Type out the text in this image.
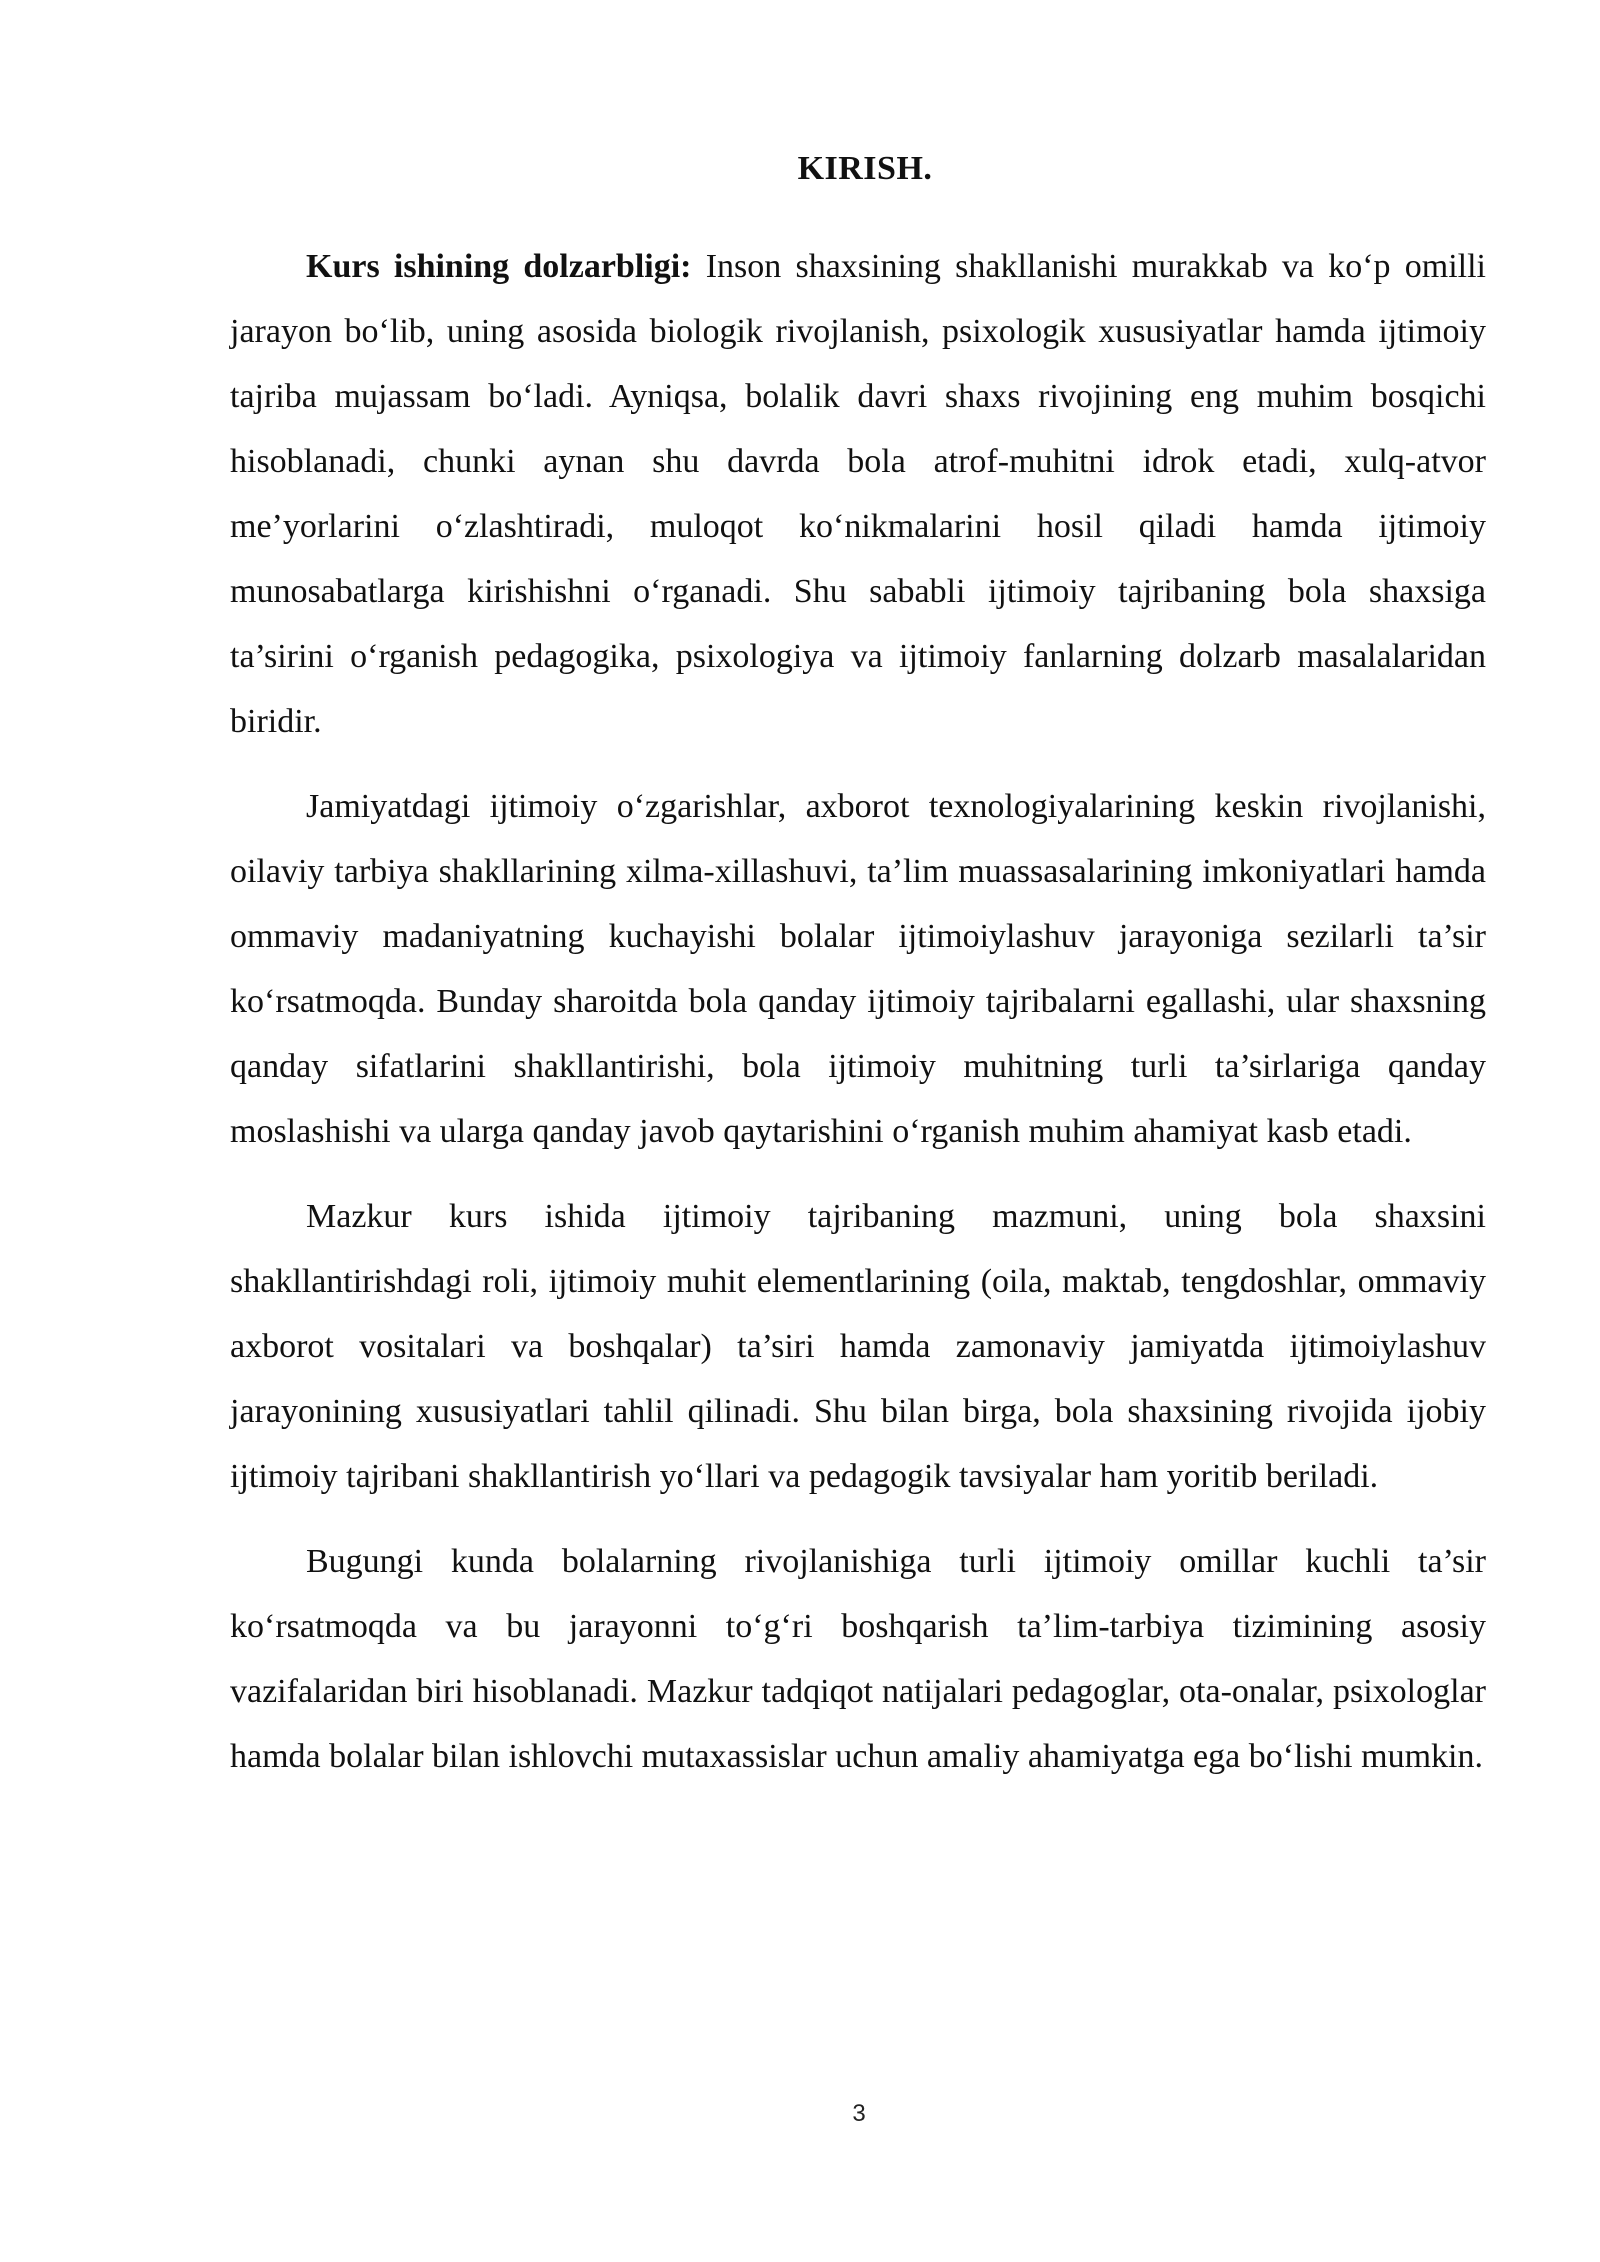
KIRISH.

Kurs ishining dolzarbligi: Inson shaxsining shakllanishi murakkab va ko‘p omilli jarayon bo‘lib, uning asosida biologik rivojlanish, psixologik xususiyatlar hamda ijtimoiy tajriba mujassam bo‘ladi. Ayniqsa, bolalik davri shaxs rivojining eng muhim bosqichi hisoblanadi, chunki aynan shu davrda bola atrof-muhitni idrok etadi, xulq-atvor me’yorlarini o‘zlashtiradi, muloqot ko‘nikmalarini hosil qiladi hamda ijtimoiy munosabatlarga kirishishni o‘rganadi. Shu sababli ijtimoiy tajribaning bola shaxsiga ta’sirini o‘rganish pedagogika, psixologiya va ijtimoiy fanlarning dolzarb masalalaridan biridir.

Jamiyatdagi ijtimoiy o‘zgarishlar, axborot texnologiyalarining keskin rivojlanishi, oilaviy tarbiya shakllarining xilma-xillashuvi, ta’lim muassasalarining imkoniyatlari hamda ommaviy madaniyatning kuchayishi bolalar ijtimoiylashuv jarayoniga sezilarli ta’sir ko‘rsatmoqda. Bunday sharoitda bola qanday ijtimoiy tajribalarni egallashi, ular shaxsning qanday sifatlarini shakllantirishi, bola ijtimoiy muhitning turli ta’sirlariga qanday moslashishi va ularga qanday javob qaytarishini o‘rganish muhim ahamiyat kasb etadi.

Mazkur kurs ishida ijtimoiy tajribaning mazmuni, uning bola shaxsini shakllantirishdagi roli, ijtimoiy muhit elementlarining (oila, maktab, tengdoshlar, ommaviy axborot vositalari va boshqalar) ta’siri hamda zamonaviy jamiyatda ijtimoiylashuv jarayonining xususiyatlari tahlil qilinadi. Shu bilan birga, bola shaxsining rivojida ijobiy ijtimoiy tajribani shakllantirish yo‘llari va pedagogik tavsiyalar ham yoritib beriladi.

Bugungi kunda bolalarning rivojlanishiga turli ijtimoiy omillar kuchli ta’sir ko‘rsatmoqda va bu jarayonni to‘g‘ri boshqarish ta’lim-tarbiya tizimining asosiy vazifalaridan biri hisoblanadi. Mazkur tadqiqot natijalari pedagoglar, ota-onalar, psixologlar hamda bolalar bilan ishlovchi mutaxassislar uchun amaliy ahamiyatga ega bo‘lishi mumkin.

3
